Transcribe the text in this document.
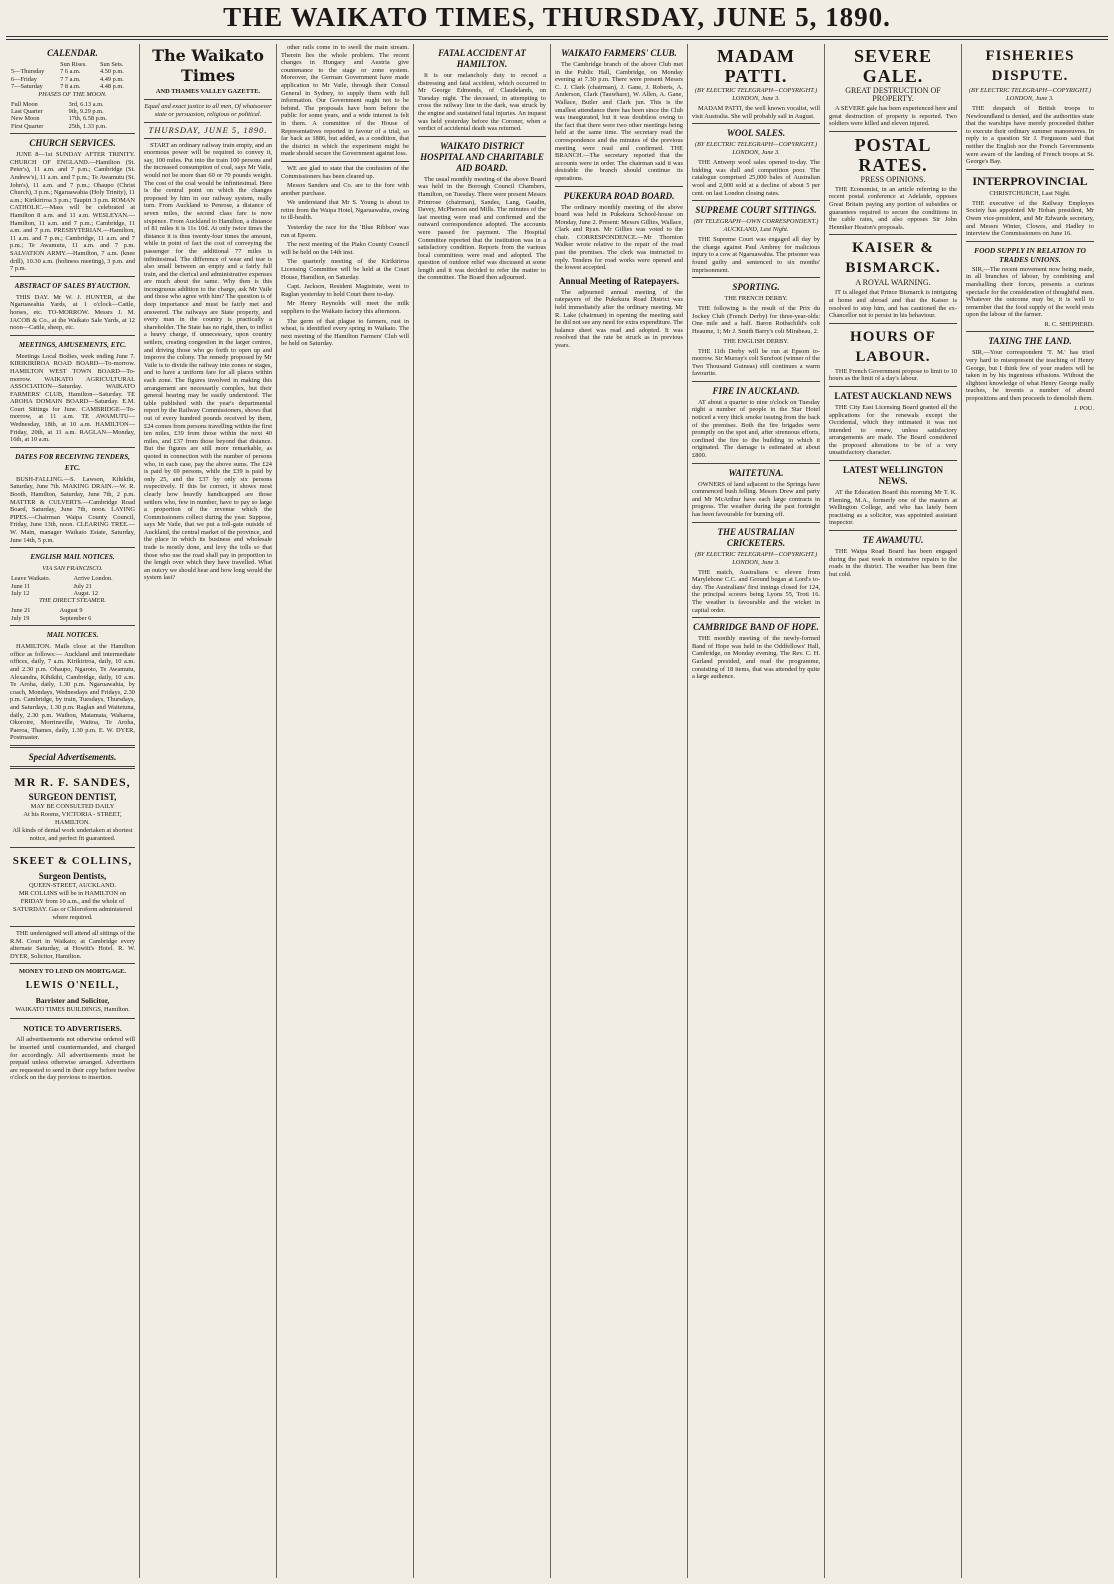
THE WAIKATO TIMES, THURSDAY, JUNE 5, 1890.
CALENDAR.
	Sun Rises.	Sun Sets.
5—Thursday	7 6 a.m.	4.50 p.m.
6—Friday	7 7 a.m.	4.49 p.m.
7—Saturday	7 8 a.m.	4.48 p.m.
PHASES OF THE MOON.
Full Moon	3rd, 6.13 a.m.
Last Quarter	9th, 9.29 p.m.
New Moon	17th, 6.58 p.m.
First Quarter	25th, 1.33 p.m.
CHURCH SERVICES.

JUNE 8—1st SUNDAY AFTER TRINITY. CHURCH OF ENGLAND.—Hamilton (St. Peter's), 11 a.m. and 7 p.m.; Cambridge (St. Andrew's), 11 a.m. and 7 p.m.; Te Awamutu (St. John's), 11 a.m. and 7 p.m.; Ohaupo (Christ Church), 3 p.m.; Ngaruawahia (Holy Trinity), 11 a.m.; Kirikiriroa 3 p.m.; Taupiri 3 p.m. ROMAN CATHOLIC.—Mass will be celebrated at Hamilton 8 a.m. and 11 a.m. WESLEYAN.—Hamilton, 11 a.m. and 7 p.m.; Cambridge, 11 a.m. and 7 p.m. PRESBYTERIAN.—Hamilton, 11 a.m. and 7 p.m.; Cambridge, 11 a.m. and 7 p.m.; Te Awamutu, 11 a.m. and 7 p.m. SALVATION ARMY.—Hamilton, 7 a.m. (knee drill), 10.30 a.m. (holiness meeting), 3 p.m. and 7 p.m.

ABSTRACT OF SALES BY AUCTION.

THIS DAY. Mr W. J. HUNTER, at the Ngaruawahia Yards, at 1 o'clock—Cattle, horses, etc. TO-MORROW. Messrs J. M. JACOB & Co., at the Waikato Sale Yards, at 12 noon—Cattle, sheep, etc.

MEETINGS, AMUSEMENTS, ETC.

Meetings Local Bodies, week ending June 7. KIRIKIRIROA ROAD BOARD—To-morrow. HAMILTON WEST TOWN BOARD—To-morrow. WAIKATO AGRICULTURAL ASSOCIATION—Saturday. WAIKATO FARMERS' CLUB, Hamilton—Saturday. TE AROHA DOMAIN BOARD—Saturday. E.M. Court Sittings for June. CAMBRIDGE—To-morrow, at 11 a.m. TE AWAMUTU—Wednesday, 18th, at 10 a.m. HAMILTON—Friday, 20th, at 11 a.m. RAGLAN—Monday, 16th, at 10 a.m.

DATES FOR RECEIVING TENDERS, ETC.

BUSH-FALLING.—S. Lawson, Kihikihi, Saturday, June 7th. MAKING DRAIN.—W. R. Booth, Hamilton, Saturday, June 7th, 2 p.m. MATTER & CULVERTS.—Cambridge Road Board, Saturday, June 7th, noon. LAYING PIPES.—Chairman Waipa County Council, Friday, June 13th, noon. CLEARING TREE.—W. Main, manager Waikato Estate, Saturday, June 14th, 5 p.m.

ENGLISH MAIL NOTICES.
VIA SAN FRANCISCO.
Leave Waikato.	Arrive London.
June 11	July 21
July 12	Augst. 12
THE DIRECT STEAMER.
June 21	August 9
July 19	September 6
MAIL NOTICES.

HAMILTON. Mails close at the Hamilton office as follows:— Auckland and intermediate offices, daily, 7 a.m. Kirikiriroa, daily, 10 a.m. and 2.30 p.m. Ohaupo, Ngaroto, Te Awamutu, Alexandra, Kihikihi, Cambridge, daily, 10 a.m. Te Aroha, daily, 1.30 p.m. Ngaruawahia, by coach, Mondays, Wednesdays and Fridays, 2.30 p.m. Cambridge, by train, Tuesdays, Thursdays, and Saturdays, 1.30 p.m. Raglan and Waitetuna, daily, 2.30 p.m. Waihou, Matamata, Waharoa, Okoroire, Morrinsville, Waitoa, Te Aroha, Paeroa, Thames, daily, 1.30 p.m. E. W. DYER, Postmaster.

Special Advertisements.
MR R. F. SANDES,
SURGEON DENTIST,
MAY BE CONSULTED DAILY
At his Rooms, VICTORIA - STREET, HAMILTON.
All kinds of dental work undertaken at shortest notice, and perfect fit guaranteed.
SKEET & COLLINS,
Surgeon Dentists,
QUEEN-STREET, AUCKLAND.
MR COLLINS will be in HAMILTON on FRIDAY from 10 a.m., and the whole of SATURDAY. Gas or Chloroform administered where required.

THE undersigned will attend all sittings of the R.M. Court in Waikato; at Cambridge every alternate Saturday, at Howitt's Hotel. R. W. DYER, Solicitor, Hamilton.

MONEY TO LEND ON MORTGAGE.
LEWIS O'NEILL,
Barrister and Solicitor,
WAIKATO TIMES BUILDINGS, Hamilton.
NOTICE TO ADVERTISERS.

All advertisements not otherwise ordered will be inserted until countermanded, and charged for accordingly. All advertisements must be prepaid unless otherwise arranged. Advertisers are requested to send in their copy before twelve o'clock on the day previous to insertion.

The Waikato Times
AND THAMES VALLEY GAZETTE.
Equal and exact justice to all men, Of whatsoever state or persuasion, religious or political.
THURSDAY, JUNE 5, 1890.

START an ordinary railway train empty, and an enormous power will be required to convey it, say, 100 miles. Put into the train 100 persons and the increased consumption of coal, says Mr Vaile, would not be more than 60 or 70 pounds weight. The cost of the coal would be infinitesimal. Here is the central point on which the changes proposed by him in our railway system, really turn. From Auckland to Penrose, a distance of seven miles, the second class fare is now sixpence. From Auckland to Hamilton, a distance of 81 miles it is 11s 10d. At only twice times the distance it is thus twenty-four times the amount, while in point of fact the cost of conveying the passenger for the additional 77 miles is infinitesimal. The difference of wear and tear is also small between an empty and a fairly full train, and the clerical and administrative expenses are much about the same. Why then is this incongruous addition to the charge, ask Mr Vaile and those who agree with him? The question is of deep importance and must be fairly met and answered. The railways are State property, and every man in the country is practically a shareholder. The State has no right, then, to inflict a heavy charge, if unnecessary, upon country settlers, creating congestion in the larger centres, and driving those who go forth to open up and improve the colony. The remedy proposed by Mr Vaile is to divide the railway into zones or stages, and to have a uniform fare for all places within each zone. The figures involved in making this arrangement are necessarily complex, but their general bearing may be easily understood. The table published with the year's departmental report by the Railway Commissioners, shows that out of every hundred pounds received by them, £24 comes from persons travelling within the first ten miles, £39 from those within the next 40 miles, and £37 from those beyond that distance. But the figures are still more remarkable, as quoted in connection with the number of persons who, in each case, pay the above sums. The £24 is paid by 69 persons, while the £39 is paid by only 25, and the £37 by only six persons respectively. If this be correct, it shows most clearly how heavily handicapped are those settlers who, few in number, have to pay so large a proportion of the revenue which the Commissioners collect during the year. Suppose, says Mr Vaile, that we put a toll-gate outside of Auckland, the central market of the province, and the place in which its business and wholesale trade is mostly done, and levy the tolls so that those who use the road shall pay in proportion to the length over which they have travelled. What an outcry we should hear and how long would the system last?

other rails come in to swell the main stream. Therein lies the whole problem. The recent changes in Hungary and Austria give countenance to the stage or zone system. Moreover, the German Government have made application to Mr Vaile, through their Consul General in Sydney, to supply them with full information. Our Government ought not to be behind. The proposals have been before the public for some years, and a wide interest is felt in them. A committee of the House of Representatives reported in favour of a trial, so far back as 1886, but added, as a condition, that the district in which the experiment might be made should secure the Government against loss.

WE are glad to state that the confusion of the Commissioners has been cleared up.

Messrs Sanders and Co. are to the fore with another purchase.

We understand that Mr S. Young is about to retire from the Waipa Hotel, Ngaruawahia, owing to ill-health.

Yesterday the race for the 'Blue Ribbon' was run at Epsom.

The next meeting of the Piako County Council will be held on the 14th inst.

The quarterly meeting of the Kirikiriroa Licensing Committee will be held at the Court House, Hamilton, on Saturday.

Capt. Jackson, Resident Magistrate, went to Raglan yesterday to hold Court there to-day.

Mr Henry Reynolds will meet the milk suppliers to the Waikato factory this afternoon.

The germ of that plague to farmers, rust in wheat, is identified every spring in Waikato. The next meeting of the Hamilton Farmers' Club will be held on Saturday.

FATAL ACCIDENT AT HAMILTON.

It is our melancholy duty to record a distressing and fatal accident, which occurred to Mr George Edmonds, of Claudelands, on Tuesday night. The deceased, in attempting to cross the railway line in the dark, was struck by the engine and sustained fatal injuries. An inquest was held yesterday before the Coroner, when a verdict of accidental death was returned.

WAIKATO DISTRICT HOSPITAL AND CHARITABLE AID BOARD.

The usual monthly meeting of the above Board was held in the Borough Council Chambers, Hamilton, on Tuesday. There were present Messrs Primrose (chairman), Sandes, Lang, Gaudin, Davey, McPherson and Mills. The minutes of the last meeting were read and confirmed and the outward correspondence adopted. The accounts were passed for payment. The Hospital Committee reported that the institution was in a satisfactory condition. Reports from the various local committees were read and adopted. The question of outdoor relief was discussed at some length and it was decided to refer the matter to the committee. The Board then adjourned.

WAIKATO FARMERS' CLUB.

The Cambridge branch of the above Club met in the Public Hall, Cambridge, on Monday evening at 7.30 p.m. There were present Messrs C. J. Clark (chairman), J. Gane, J. Roberts, A. Anderson, Clark (Tauwhare), W. Allen, A. Gane, Wallace, Butler and Clark jun. This is the smallest attendance there has been since the Club was inaugurated, but it was doubtless owing to the fact that there were two other meetings being held at the same time. The secretary read the correspondence and the minutes of the previous meeting were read and confirmed. THE BRANCH.—The secretary reported that the accounts were in order. The chairman said it was desirable the branch should continue its operations.

PUKEKURA ROAD BOARD.

The ordinary monthly meeting of the above board was held in Pukekura School-house on Monday, June 2. Present: Messrs Gillies, Wallace, Clark and Ryan. Mr Gillies was voted to the chair. CORRESPONDENCE.—Mr Thornton Walker wrote relative to the repair of the road past the premises. The clerk was instructed to reply. Tenders for road works were opened and the lowest accepted.

Annual Meeting of Ratepayers.

The adjourned annual meeting of the ratepayers of the Pukekura Road District was held immediately after the ordinary meeting. Mr R. Lake (chairman) in opening the meeting said he did not see any need for extra expenditure. The balance sheet was read and adopted. It was resolved that the rate be struck as in previous years.

MADAM PATTI.
(BY ELECTRIC TELEGRAPH—COPYRIGHT.) LONDON, June 3.

MADAM PATTI, the well known vocalist, will visit Australia. She will probably sail in August.

WOOL SALES.
(BY ELECTRIC TELEGRAPH—COPYRIGHT.) LONDON, June 3.

THE Antwerp wool sales opened to-day. The bidding was dull and competition poor. The catalogue comprised 25,000 bales of Australian wool and 2,000 sold at a decline of about 5 per cent. on last London closing rates.

SUPREME COURT SITTINGS.
(BY TELEGRAPH—OWN CORRESPONDENT.) AUCKLAND, Last Night.

THE Supreme Court was engaged all day by the charge against Paul Ambrey for malicious injury to a cow at Ngaruawahia. The prisoner was found guilty and sentenced to six months' imprisonment.

SPORTING.
THE FRENCH DERBY.

THE following is the result of the Prix du Jockey Club (French Derby) for three-year-olds: One mile and a half. Baron Rothschild's colt Heaume, 1; Mr J. Smith Barry's colt Mirabeau, 2.

THE ENGLISH DERBY.

THE 11th Derby will be run at Epsom to-morrow. Sir Murray's colt Surefoot (winner of the Two Thousand Guineas) still continues a warm favourite.

FIRE IN AUCKLAND.

AT about a quarter to nine o'clock on Tuesday night a number of people in the Star Hotel noticed a very thick smoke issuing from the back of the premises. Both the fire brigades were promptly on the spot and, after strenuous efforts, confined the fire to the building in which it originated. The damage is estimated at about £800.

WAITETUNA.

OWNERS of land adjacent to the Springs have commenced bush felling. Messrs Drew and party and Mr McArthur have each large contracts in progress. The weather during the past fortnight has been favourable for burning off.

THE AUSTRALIAN CRICKETERS.
(BY ELECTRIC TELEGRAPH—COPYRIGHT.) LONDON, June 3.

THE match, Australians v. eleven from Marylebone C.C. and Ground began at Lord's to-day. The Australians' first innings closed for 124, the principal scorers being Lyons 55, Trott 16. The weather is favourable and the wicket in capital order.

CAMBRIDGE BAND OF HOPE.

THE monthly meeting of the newly-formed Band of Hope was held in the Oddfellows' Hall, Cambridge, on Monday evening. The Rev. C. H. Garland presided, and read the programme, consisting of 18 items, that was attended by quite a large audience.

SEVERE GALE.
GREAT DESTRUCTION OF PROPERTY.

A SEVERE gale has been experienced here and great destruction of property is reported. Two soldiers were killed and eleven injured.

POSTAL RATES.
PRESS OPINIONS.

THE Economist, in an article referring to the recent postal conference at Adelaide, opposes Great Britain paying any portion of subsidies or guarantees required to secure the conditions in the cable rates, and also opposes Sir John Henniker Heaton's proposals.

KAISER & BISMARCK.
A ROYAL WARNING.

IT is alleged that Prince Bismarck is intriguing at home and abroad and that the Kaiser is resolved to stop him, and has cautioned the ex-Chancellor not to persist in his behaviour.

HOURS OF LABOUR.

THE French Government propose to limit to 10 hours as the limit of a day's labour.

LATEST AUCKLAND NEWS

THE City East Licensing Board granted all the applications for the renewals except the Occidental, which they intimated it was not intended to renew, unless satisfactory arrangements are made. The Board considered the proposed alterations to be of a very unsatisfactory character.

LATEST WELLINGTON NEWS.

AT the Education Board this morning Mr T. K. Fleming, M.A., formerly one of the masters at Wellington College, and who has lately been practising as a solicitor, was appointed assistant inspector.

TE AWAMUTU.

THE Waipa Road Board has been engaged during the past week in extensive repairs to the roads in the district. The weather has been fine but cold.

FISHERIES DISPUTE.
(BY ELECTRIC TELEGRAPH—COPYRIGHT.) LONDON, June 3.

THE despatch of British troops to Newfoundland is denied, and the authorities state that the warships have merely proceeded thither to execute their ordinary summer manoeuvres. In reply to a question Sir J. Fergusson said that neither the English nor the French Governments were aware of the landing of French troops at St. George's Bay.

INTERPROVINCIAL
CHRISTCHURCH, Last Night.

THE executive of the Railway Employes Society has appointed Mr Hoban president, Mr Owen vice-president, and Mr Edwards secretary, and Messrs Winter, Clowes, and Hadley to interview the Commissioners on June 16.

FOOD SUPPLY IN RELATION TO TRADES UNIONS.

SIR,—The recent movement now being made, in all branches of labour, by combining and marshalling their forces, presents a curious spectacle for the consideration of thoughtful men. Whatever the outcome may be, it is well to remember that the food supply of the world rests upon the labour of the farmer.

R. C. SHEPHERD.
TAXING THE LAND.

SIR,—Your correspondent 'T. M.' has tried very hard to misrepresent the teaching of Henry George, but I think few of your readers will be taken in by his ingenious effusions. Without the slightest knowledge of what Henry George really teaches, he invents a number of absurd propositions and then proceeds to demolish them.

J. POU.
